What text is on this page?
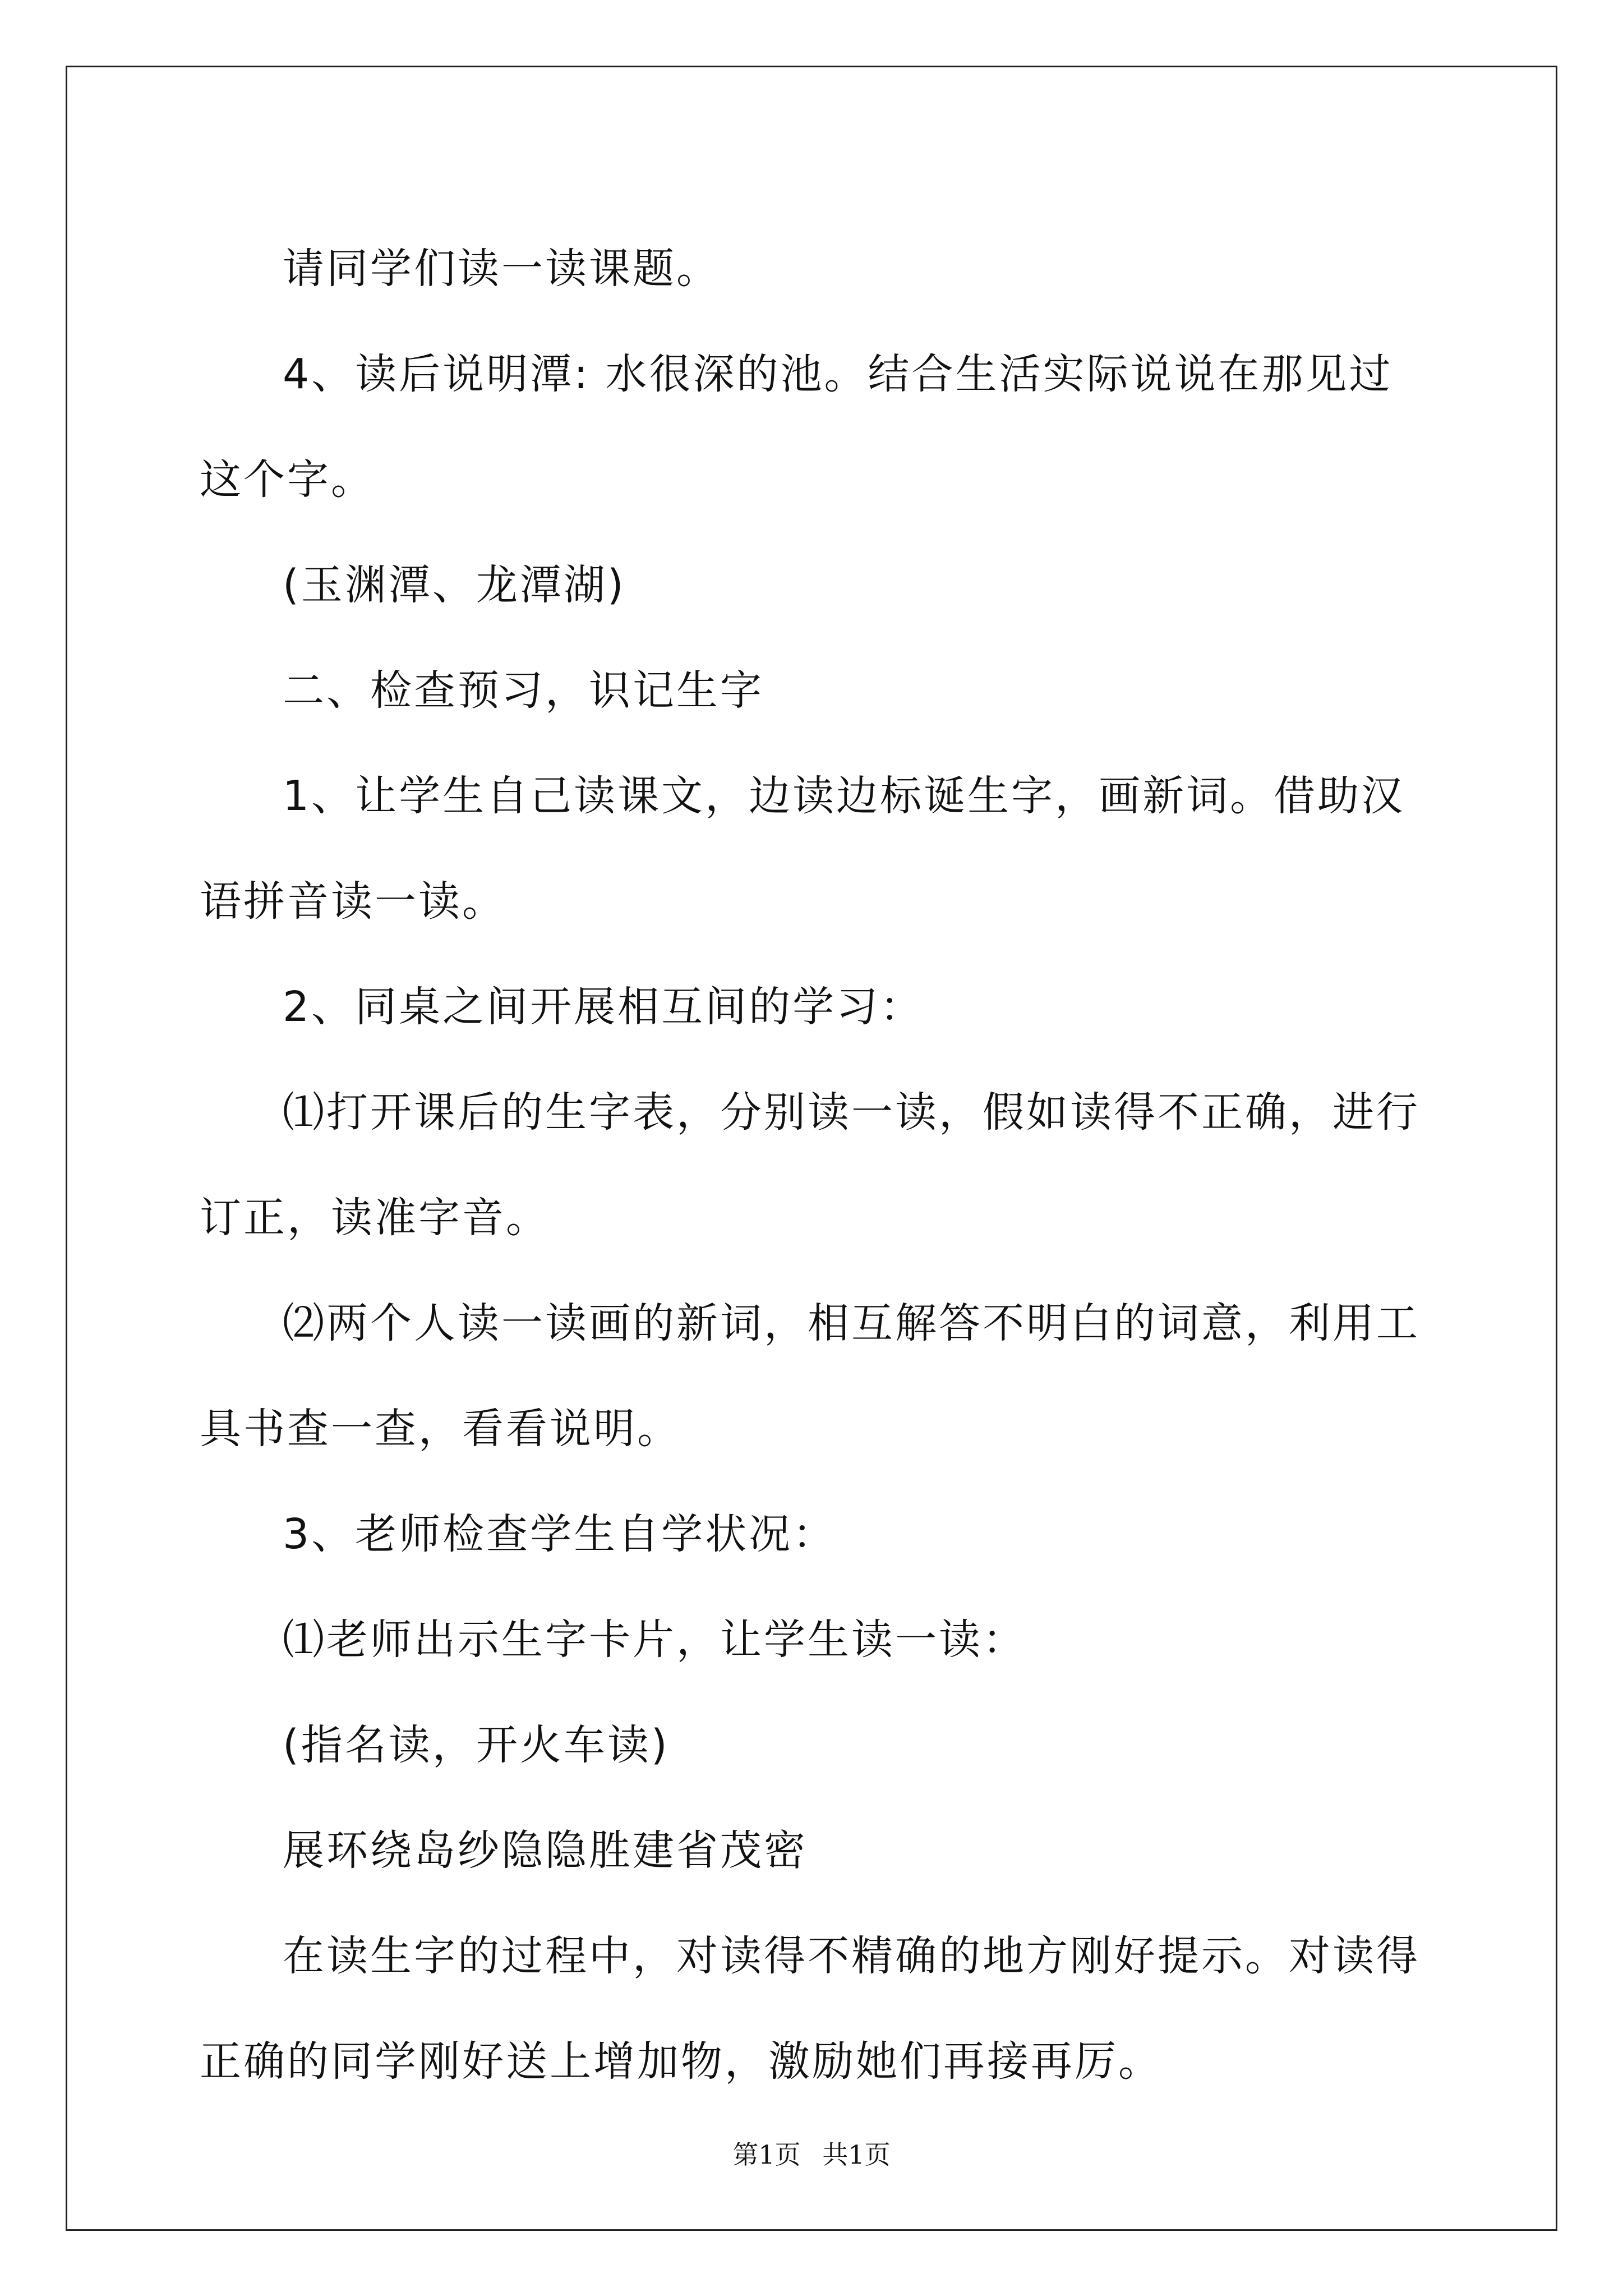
请同学们读一读课题。

4、读后说明潭: 水很深的池。结合生活实际说说在那见过这个字。

(玉渊潭、龙潭湖)

二、检查预习，识记生字

1、让学生自己读课文，边读边标诞生字，画新词。借助汉语拼音读一读。

2、同桌之间开展相互间的学习：

⑴打开课后的生字表，分别读一读，假如读得不正确，进行订正，读准字音。

⑵两个人读一读画的新词，相互解答不明白的词意，利用工具书查一查，看看说明。

3、老师检查学生自学状况：

⑴老师出示生字卡片，让学生读一读：

(指名读，开火车读)

展环绕岛纱隐隐胜建省茂密

在读生字的过程中，对读得不精确的地方刚好提示。对读得正确的同学刚好送上增加物，激励她们再接再厉。

第1页 共1页
